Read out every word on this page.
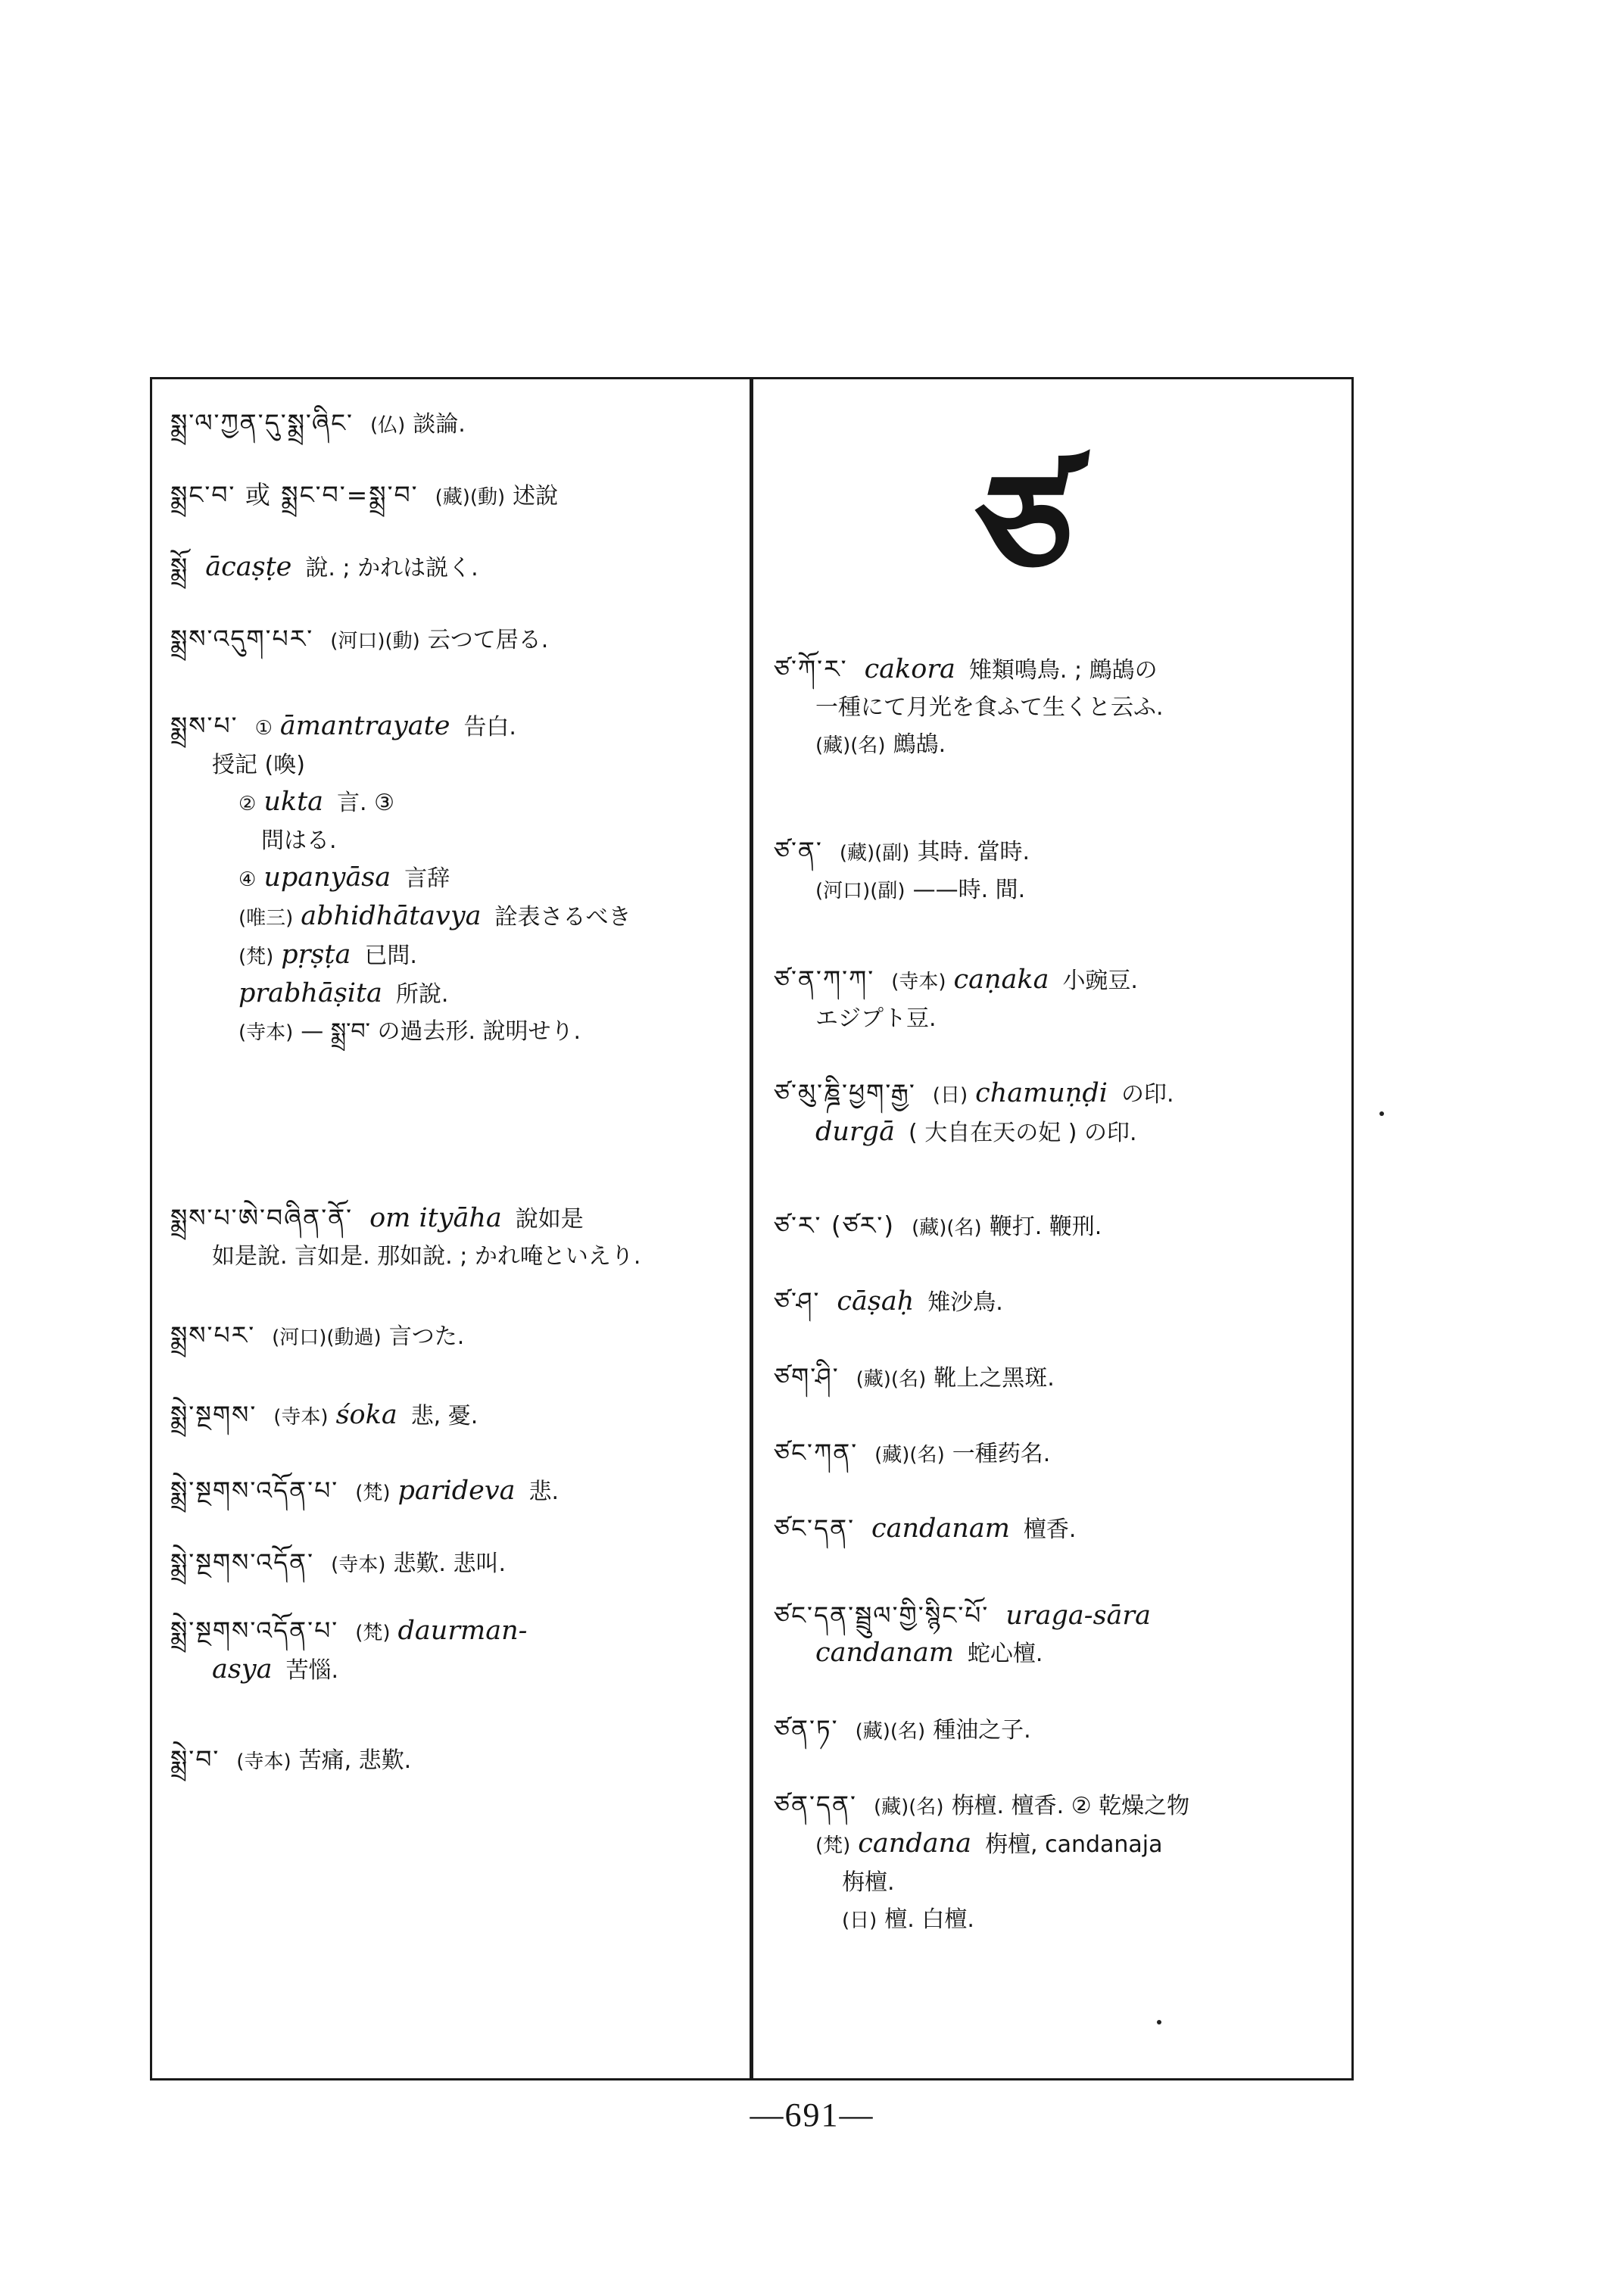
ཙ
སྨྲ་ལ་ཀྱན་དུ་སྨྲ་ཞིང་ (仏) 談論.
སྨྲང་བ་ 或 སྨྲང་བ་=སྨྲ་བ་ (藏)(動) 述說
སྨྲོ ācaṣṭe 說. ; かれは説く.
སྨྲས་འདུག་པར་ (河口)(動) 云つて居る.
སྨྲས་པ་ ① āmantrayate 告白.
授記 (喚)
② ukta 言. ③
問はる.
④ upanyāsa 言辞
(唯三) abhidhātavya 詮表さるべき
(梵) pṛṣṭa 已問.
prabhāṣita 所說.
(寺本) — སྨྲ་བ་ の過去形. 說明せり.
སྨྲས་པ་ཨེ་བཞིན་ནོ་ om ityāha 說如是
如是說. 言如是. 那如說. ; かれ唵といえり.
སྨྲས་པར་ (河口)(動過) 言つた.
སྨྲེ་སྔགས་ (寺本) śoka 悲, 憂.
སྨྲེ་སྔགས་འདོན་པ་ (梵) paridevа 悲.
སྨྲེ་སྔགས་འདོན་ (寺本) 悲歎. 悲叫.
སྨྲེ་སྔགས་འདོན་པ་ (梵) daurman-
asya 苦惱.
སྨྲེ་བ་ (寺本) 苦痛, 悲歎.
ཙ་ཀོ་ར་ cakora 雉類鳴鳥. ; 鷓鴣の
一種にて月光を食ふて生くと云ふ.
(藏)(名) 鷓鴣.
ཙ་ན་ (藏)(副) 其時. 當時.
(河口)(副) ——時. 間.
ཙ་ན་ཀ་ཀ་ (寺本) caṇaka 小豌豆.
エジプト豆.
ཙ་མུ་ཎྜི་ཕྱག་རྒྱ་ (日) chamuṇḍi の印.
durgā ( 大自在天の妃 ) の印.
ཙ་ར་ (ཙར་) (藏)(名) 鞭打. 鞭刑.
ཙ་ཤ་ cāṣaḥ 雉沙鳥.
ཙག་ཤི་ (藏)(名) 靴上之黑斑.
ཙང་ཀན་ (藏)(名) 一種药名.
ཙང་དན་ candanam 檀香.
ཙང་དན་སྦྲུལ་གྱི་སྙིང་པོ་ uraga-sāra
candanam 蛇心檀.
ཙན་ཏ་ (藏)(名) 種油之子.
ཙན་དན་ (藏)(名) 栴檀. 檀香. ② 乾燥之物
(梵) candana 栴檀, candanaja
栴檀.
(日) 檀. 白檀.
—691—
